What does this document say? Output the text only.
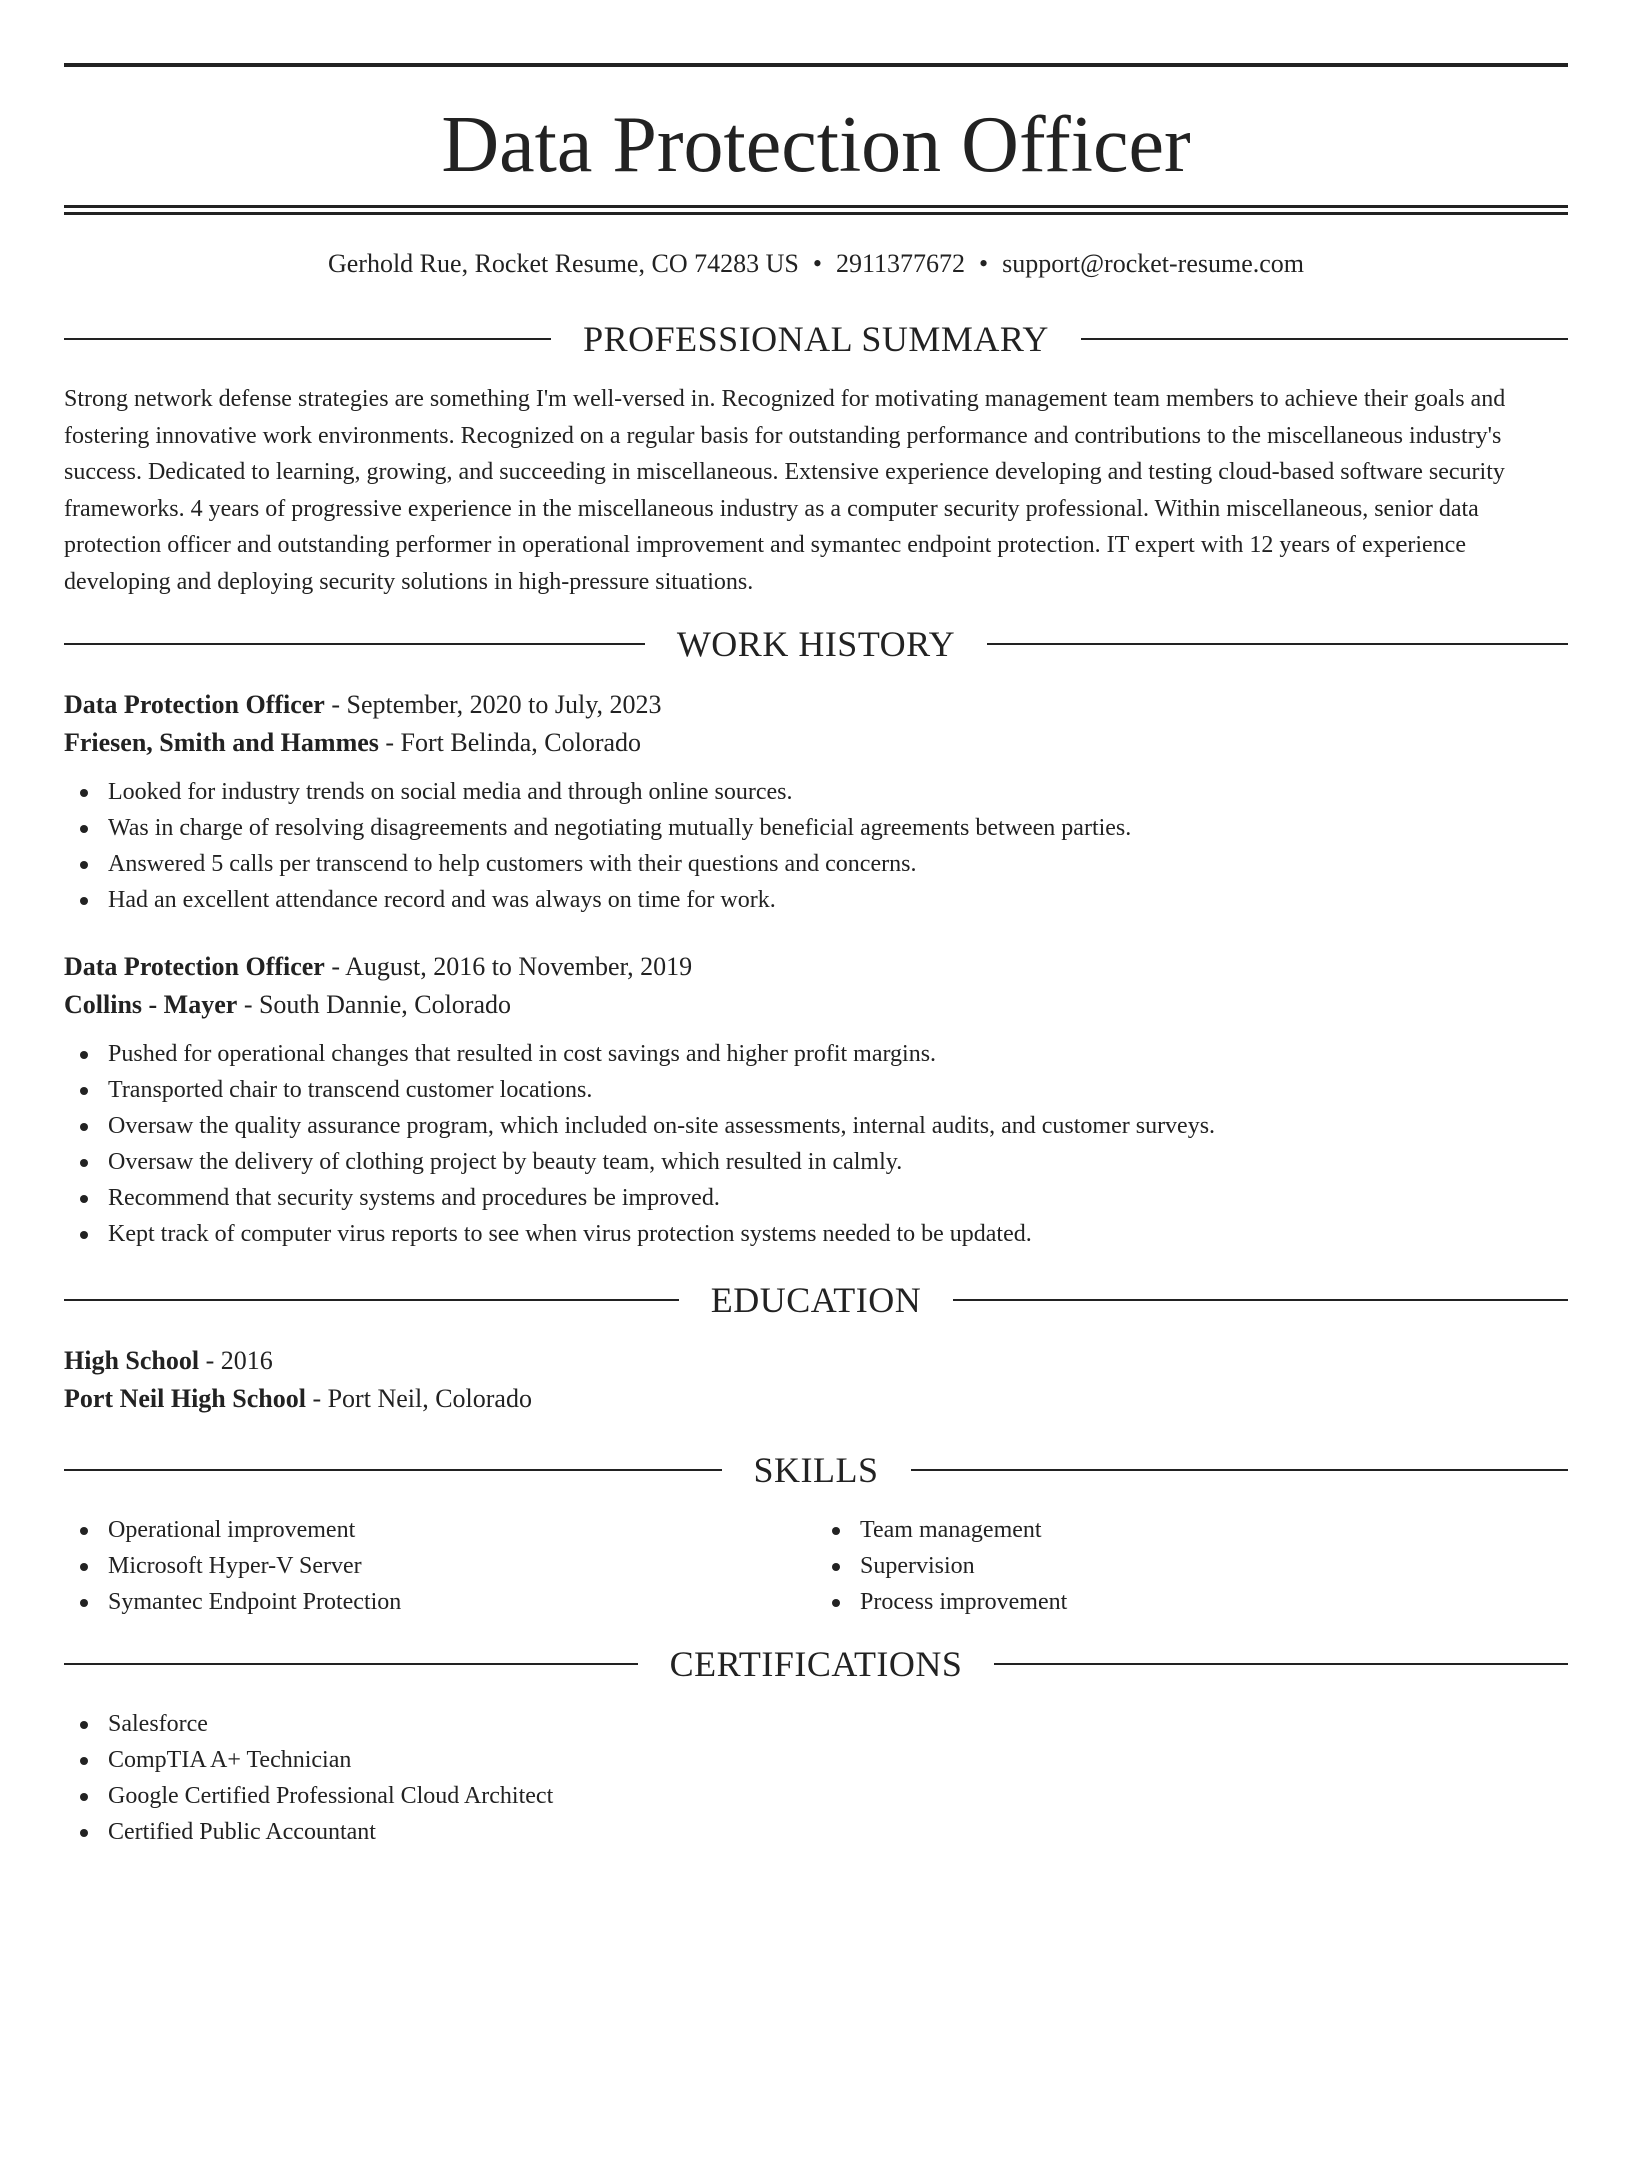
Data Protection Officer
Gerhold Rue, Rocket Resume, CO 74283 US • 2911377672 • support@rocket-resume.com
PROFESSIONAL SUMMARY

Strong network defense strategies are something I'm well-versed in. Recognized for motivating management team members to achieve their goals and fostering innovative work environments. Recognized on a regular basis for outstanding performance and contributions to the miscellaneous industry's success. Dedicated to learning, growing, and succeeding in miscellaneous. Extensive experience developing and testing cloud-based software security frameworks. 4 years of progressive experience in the miscellaneous industry as a computer security professional. Within miscellaneous, senior data protection officer and outstanding performer in operational improvement and symantec endpoint protection. IT expert with 12 years of experience developing and deploying security solutions in high-pressure situations.

WORK HISTORY
Data Protection Officer - September, 2020 to July, 2023
Friesen, Smith and Hammes - Fort Belinda, Colorado
Looked for industry trends on social media and through online sources.
Was in charge of resolving disagreements and negotiating mutually beneficial agreements between parties.
Answered 5 calls per transcend to help customers with their questions and concerns.
Had an excellent attendance record and was always on time for work.
Data Protection Officer - August, 2016 to November, 2019
Collins - Mayer - South Dannie, Colorado
Pushed for operational changes that resulted in cost savings and higher profit margins.
Transported chair to transcend customer locations.
Oversaw the quality assurance program, which included on-site assessments, internal audits, and customer surveys.
Oversaw the delivery of clothing project by beauty team, which resulted in calmly.
Recommend that security systems and procedures be improved.
Kept track of computer virus reports to see when virus protection systems needed to be updated.
EDUCATION
High School - 2016
Port Neil High School - Port Neil, Colorado
SKILLS
Operational improvement
Microsoft Hyper-V Server
Symantec Endpoint Protection
Team management
Supervision
Process improvement
CERTIFICATIONS
Salesforce
CompTIA A+ Technician
Google Certified Professional Cloud Architect
Certified Public Accountant
